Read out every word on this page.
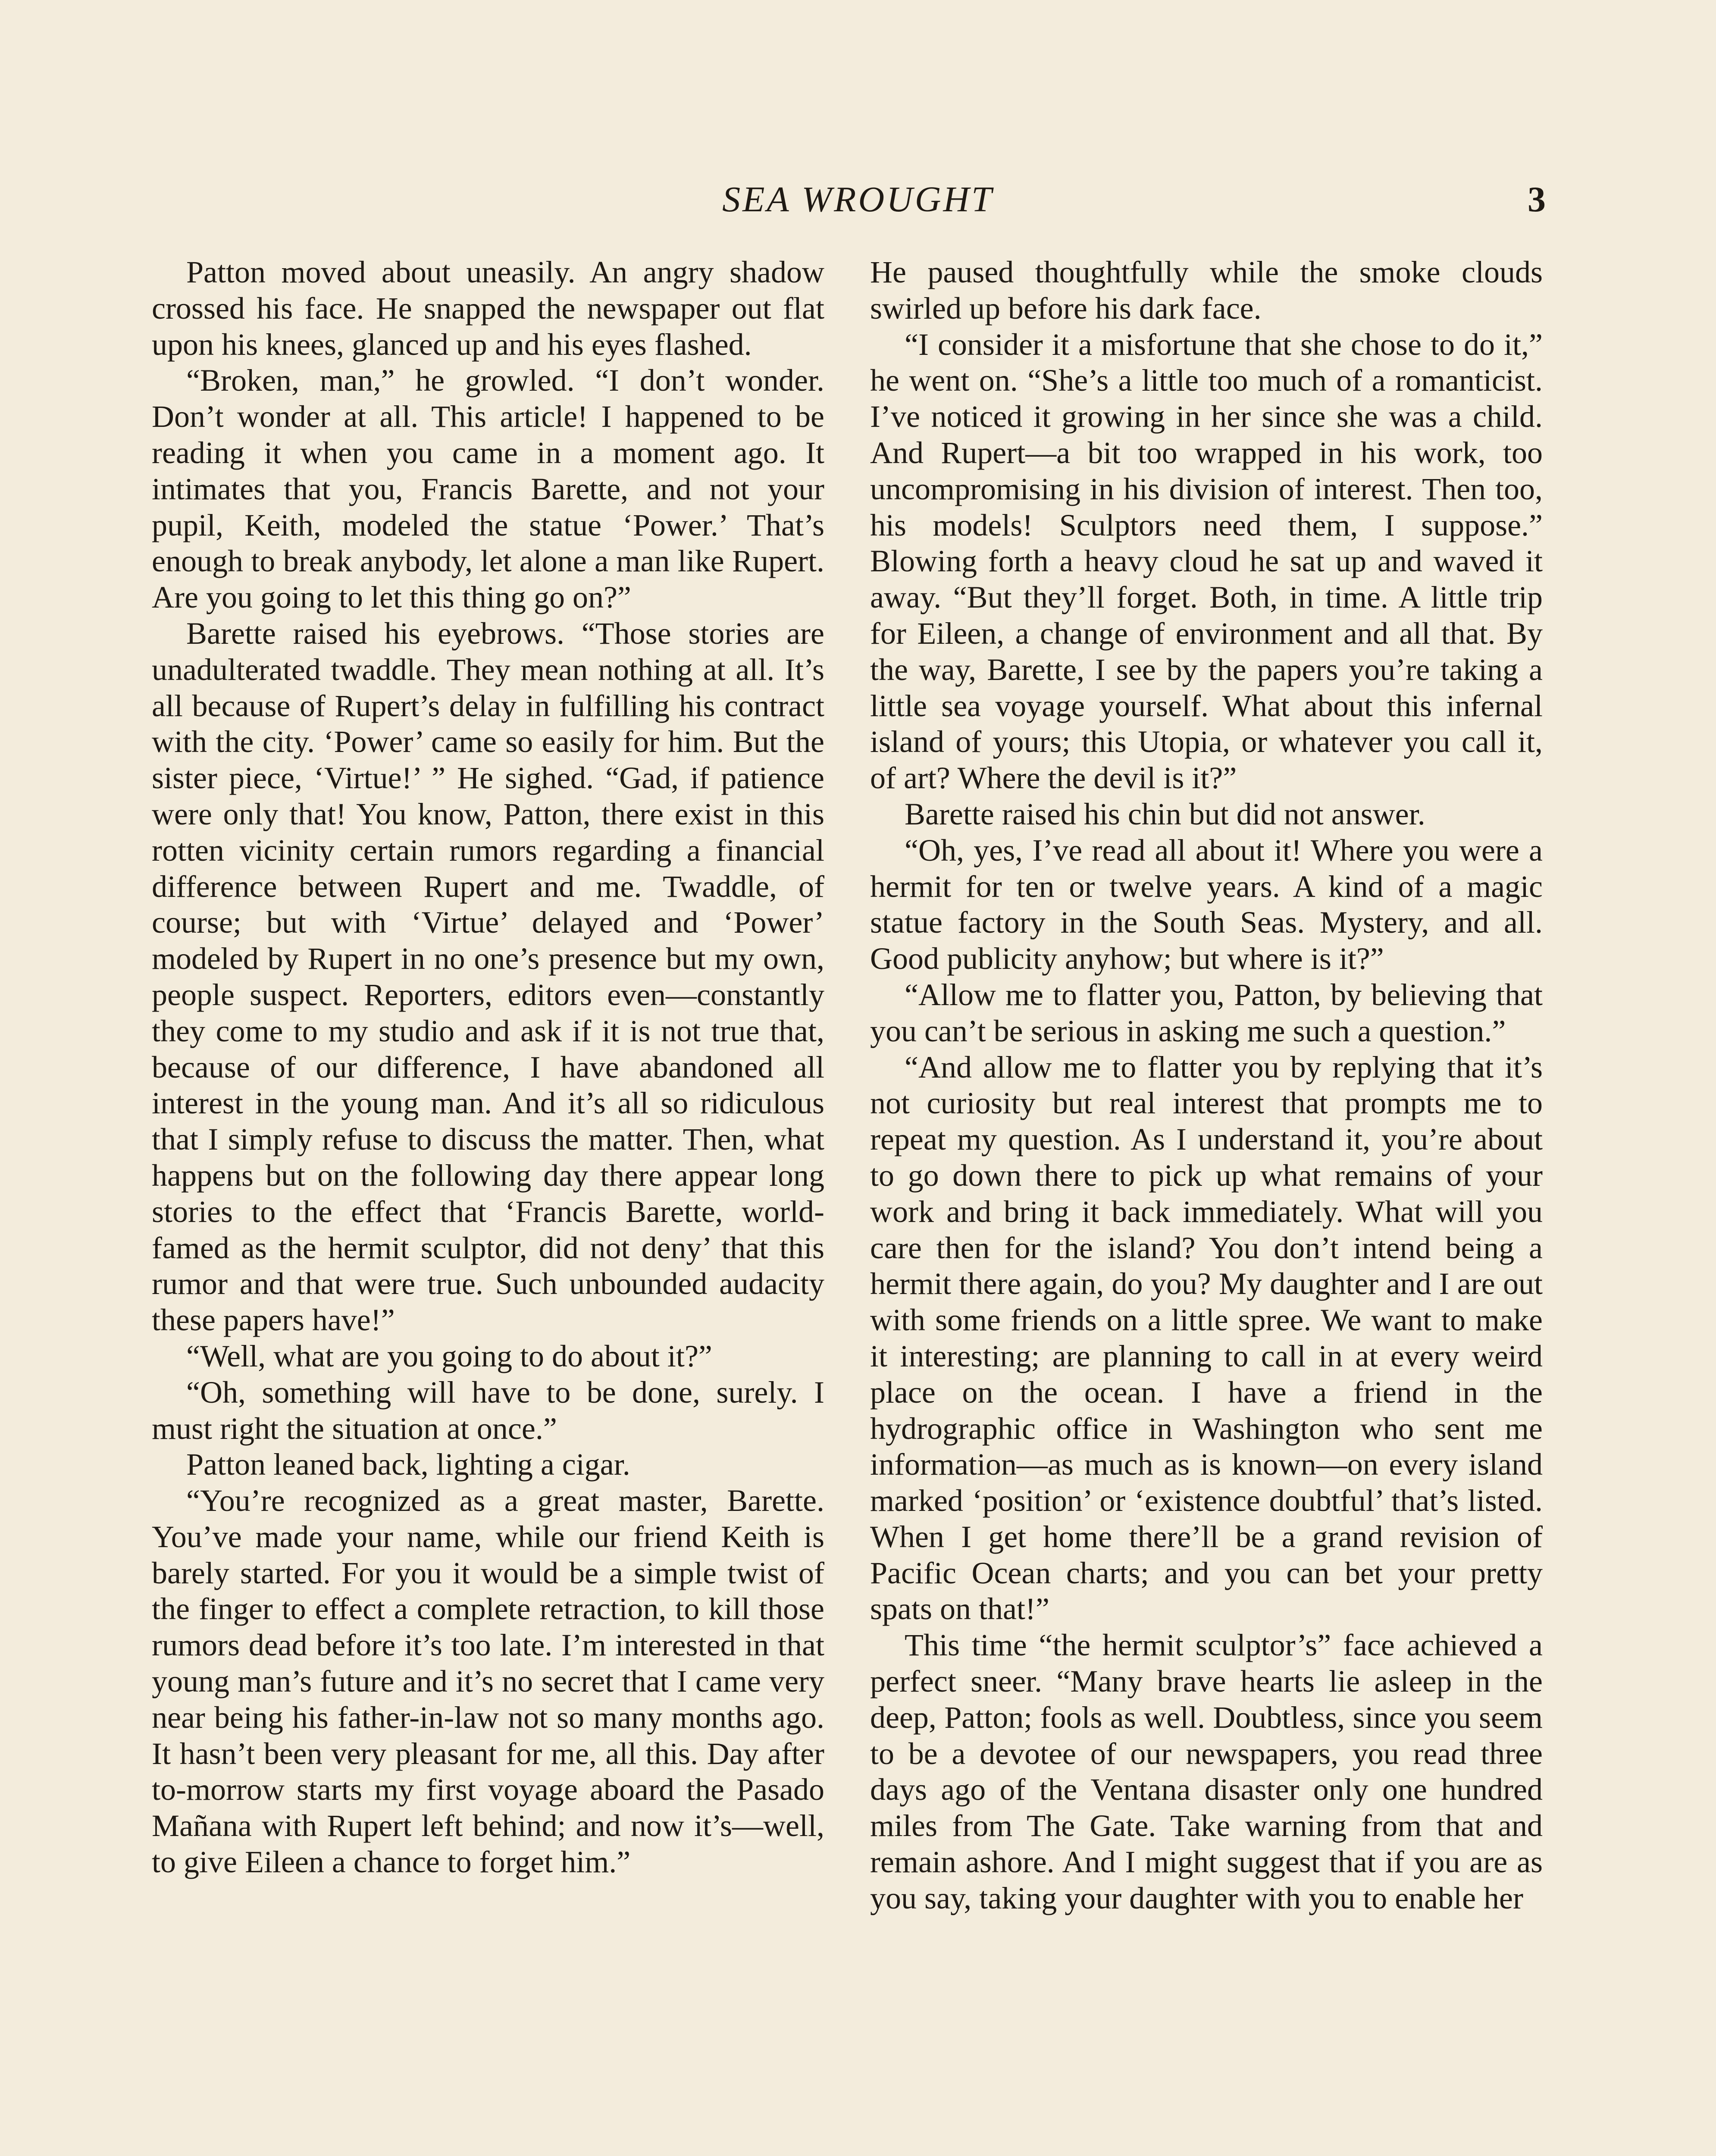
SEA WROUGHT	3

Patton moved about uneasily. An angry shadow crossed his face. He snapped the newspaper out flat upon his knees, glanced up and his eyes flashed.

“Broken, man,” he growled. “I don’t wonder. Don’t wonder at all. This article! I happened to be reading it when you came in a moment ago. It intimates that you, Francis Barette, and not your pupil, Keith, modeled the statue ‘Power.’ That’s enough to break anybody, let alone a man like Rupert. Are you going to let this thing go on?”

Barette raised his eyebrows. “Those stories are unadulterated twaddle. They mean nothing at all. It’s all because of Rupert’s delay in fulfilling his contract with the city. ‘Power’ came so easily for him. But the sister piece, ‘Virtue!’ ” He sighed. “Gad, if patience were only that! You know, Patton, there exist in this rotten vicinity certain rumors regarding a financial difference between Rupert and me. Twaddle, of course; but with ‘Virtue’ delayed and ‘Power’ modeled by Rupert in no one’s presence but my own, people suspect. Reporters, editors even—constantly they come to my studio and ask if it is not true that, because of our difference, I have abandoned all interest in the young man. And it’s all so ridiculous that I simply refuse to discuss the matter. Then, what happens but on the following day there appear long stories to the effect that ‘Francis Barette, world-famed as the hermit sculptor, did not deny’ that this rumor and that were true. Such unbounded audacity these papers have!”

“Well, what are you going to do about it?”

“Oh, something will have to be done, surely. I must right the situation at once.”

Patton leaned back, lighting a cigar.

“You’re recognized as a great master, Barette. You’ve made your name, while our friend Keith is barely started. For you it would be a simple twist of the finger to effect a complete retraction, to kill those rumors dead before it’s too late. I’m interested in that young man’s future and it’s no secret that I came very near being his father-in-law not so many months ago. It hasn’t been very pleasant for me, all this. Day after to-morrow starts my first voyage aboard the Pasado Mañana with Rupert left behind; and now it’s—well, to give Eileen a chance to forget him.”

He paused thoughtfully while the smoke clouds swirled up before his dark face.

“I consider it a misfortune that she chose to do it,” he went on. “She’s a little too much of a romanticist. I’ve noticed it growing in her since she was a child. And Rupert—a bit too wrapped in his work, too uncompromising in his division of interest. Then too, his models! Sculptors need them, I suppose.” Blowing forth a heavy cloud he sat up and waved it away. “But they’ll forget. Both, in time. A little trip for Eileen, a change of environment and all that. By the way, Barette, I see by the papers you’re taking a little sea voyage yourself. What about this infernal island of yours; this Utopia, or whatever you call it, of art? Where the devil is it?”

Barette raised his chin but did not answer.

“Oh, yes, I’ve read all about it! Where you were a hermit for ten or twelve years. A kind of a magic statue factory in the South Seas. Mystery, and all. Good publicity anyhow; but where is it?”

“Allow me to flatter you, Patton, by believing that you can’t be serious in asking me such a question.”

“And allow me to flatter you by replying that it’s not curiosity but real interest that prompts me to repeat my question. As I understand it, you’re about to go down there to pick up what remains of your work and bring it back immediately. What will you care then for the island? You don’t intend being a hermit there again, do you? My daughter and I are out with some friends on a little spree. We want to make it interesting; are planning to call in at every weird place on the ocean. I have a friend in the hydrographic office in Washington who sent me information—as much as is known—on every island marked ‘position’ or ‘existence doubtful’ that’s listed. When I get home there’ll be a grand revision of Pacific Ocean charts; and you can bet your pretty spats on that!”

This time “the hermit sculptor’s” face achieved a perfect sneer. “Many brave hearts lie asleep in the deep, Patton; fools as well. Doubtless, since you seem to be a devotee of our newspapers, you read three days ago of the Ventana disaster only one hundred miles from The Gate. Take warning from that and remain ashore. And I might suggest that if you are as you say, taking your daughter with you to enable her
